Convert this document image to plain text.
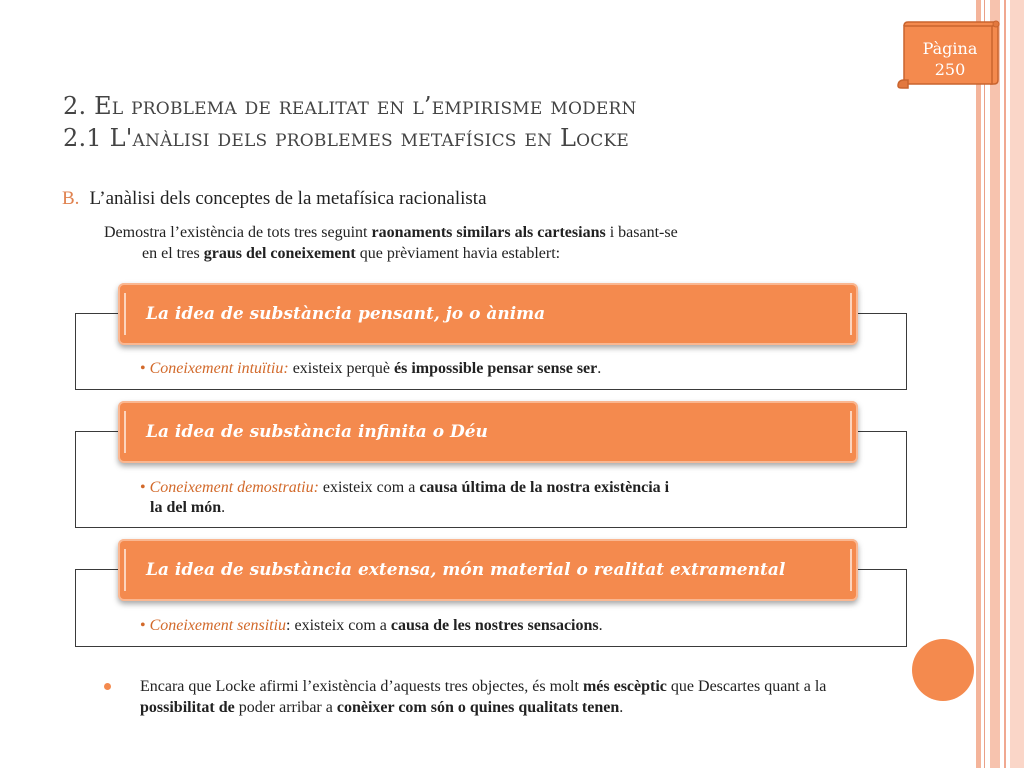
Pàgina
250
2. El problema de realitat en l’empirisme modern
2.1 L'anàlisi dels problemes metafísics en Locke
B. L’anàlisi dels conceptes de la metafísica racionalista
Demostra l’existència de tots tres seguint raonaments similars als cartesians i basant-se
en el tres graus del coneixement que prèviament havia establert:
La idea de substància pensant, jo o ànima
• Coneixement intuïtiu: existeix perquè és impossible pensar sense ser.
La idea de substància infinita o Déu
• Coneixement demostratiu: existeix com a causa última de la nostra existència i
la del món.
La idea de substància extensa, món material o realitat extramental
• Coneixement sensitiu: existeix com a causa de les nostres sensacions.
Encara que Locke afirmi l’existència d’aquests tres objectes, és molt més escèptic que Descartes quant a la possibilitat de poder arribar a conèixer com són o quines qualitats tenen.
